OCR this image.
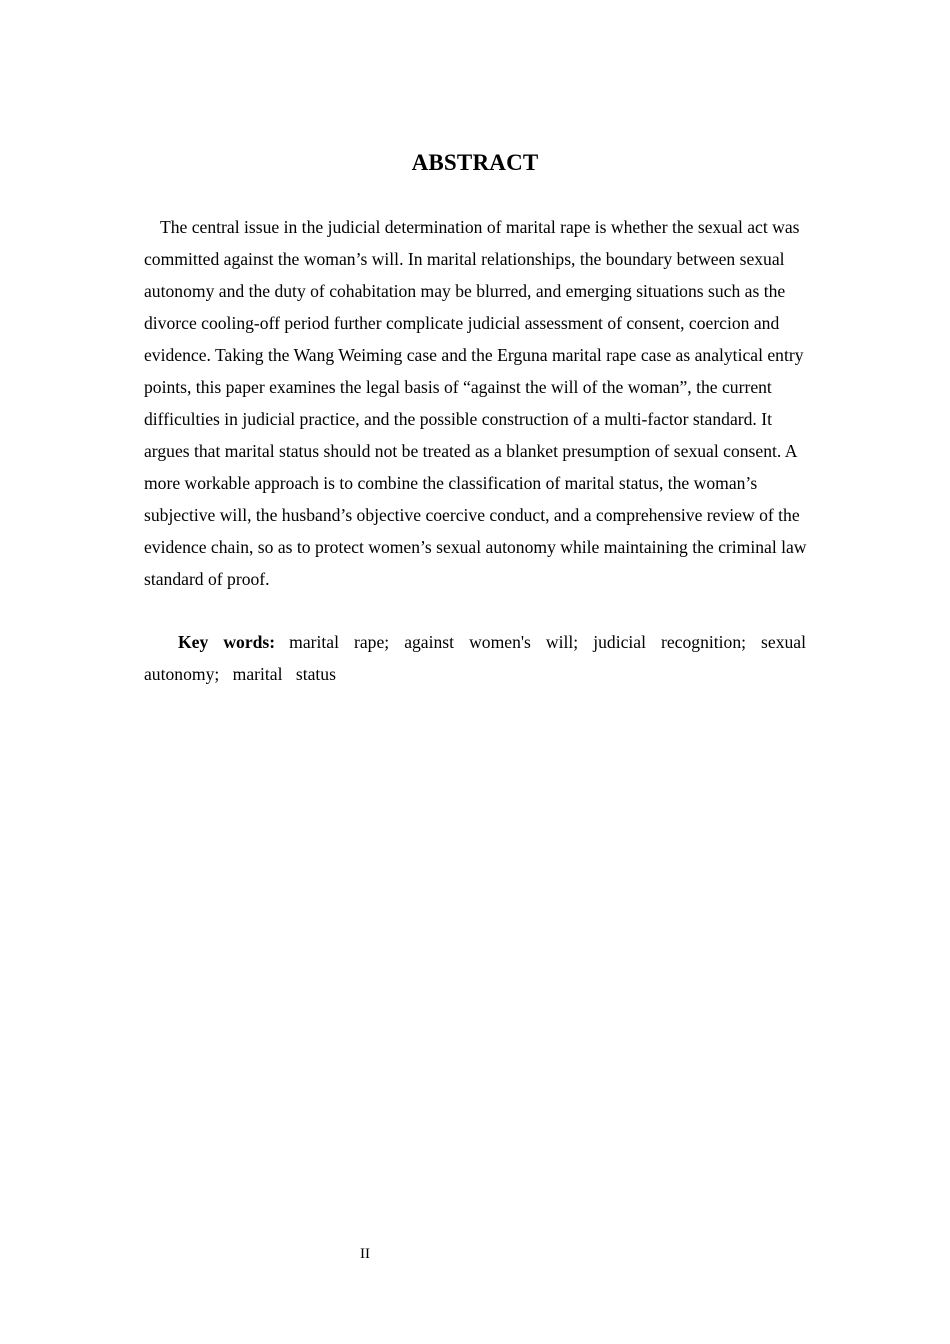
ABSTRACT

The central issue in the judicial determination of marital rape is whether the sexual act was committed against the woman’s will. In marital relationships, the boundary between sexual autonomy and the duty of cohabitation may be blurred, and emerging situations such as the divorce cooling-off period further complicate judicial assessment of consent, coercion and evidence. Taking the Wang Weiming case and the Erguna marital rape case as analytical entry points, this paper examines the legal basis of “against the will of the woman”, the current difficulties in judicial practice, and the possible construction of a multi-factor standard. It argues that marital status should not be treated as a blanket presumption of sexual consent. A more workable approach is to combine the classification of marital status, the woman’s subjective will, the husband’s objective coercive conduct, and a comprehensive review of the evidence chain, so as to protect women’s sexual autonomy while maintaining the criminal law standard of proof.

Key words: marital rape; against women's will; judicial recognition; sexual autonomy; marital status

II
